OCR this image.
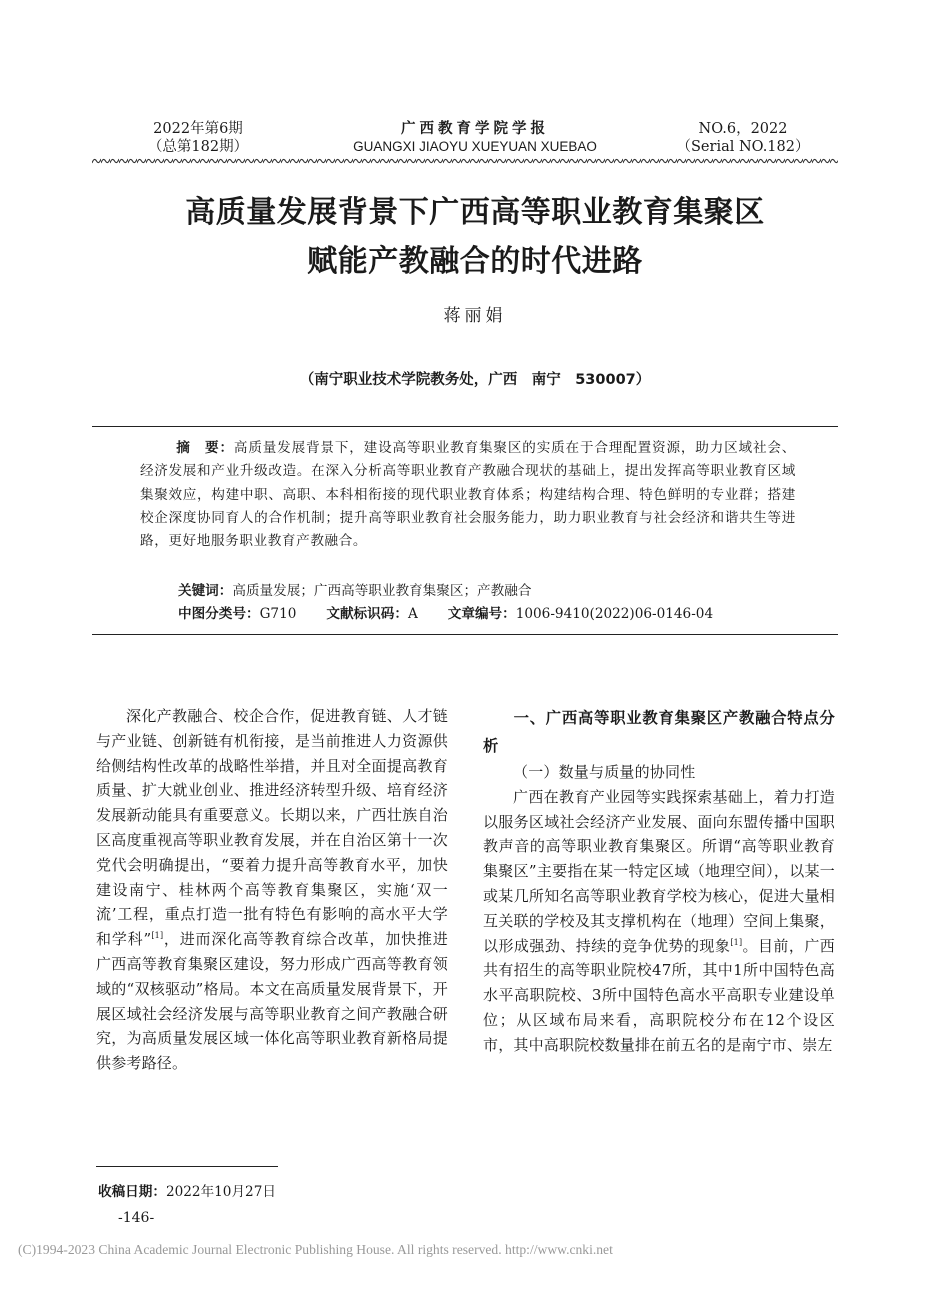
2022年第6期
（总第182期）
广西教育学院学报
GUANGXI JIAOYU XUEYUAN XUEBAO
NO.6，2022
（Serial NO.182）
高质量发展背景下广西高等职业教育集聚区
赋能产教融合的时代进路
蒋丽娟
（南宁职业技术学院教务处，广西　南宁　530007）
摘　要：高质量发展背景下，建设高等职业教育集聚区的实质在于合理配置资源，助力区域社会、经济发展和产业升级改造。在深入分析高等职业教育产教融合现状的基础上，提出发挥高等职业教育区域集聚效应，构建中职、高职、本科相衔接的现代职业教育体系；构建结构合理、特色鲜明的专业群；搭建校企深度协同育人的合作机制；提升高等职业教育社会服务能力，助力职业教育与社会经济和谐共生等进路，更好地服务职业教育产教融合。
关键词：高质量发展；广西高等职业教育集聚区；产教融合
中图分类号：G710 文献标识码：A 文章编号：1006-9410(2022)06-0146-04

深化产教融合、校企合作，促进教育链、人才链与产业链、创新链有机衔接，是当前推进人力资源供给侧结构性改革的战略性举措，并且对全面提高教育质量、扩大就业创业、推进经济转型升级、培育经济发展新动能具有重要意义。长期以来，广西壮族自治区高度重视高等职业教育发展，并在自治区第十一次党代会明确提出，“要着力提升高等教育水平，加快建设南宁、桂林两个高等教育集聚区，实施‘双一流’工程，重点打造一批有特色有影响的高水平大学和学科”[1]，进而深化高等教育综合改革，加快推进广西高等教育集聚区建设，努力形成广西高等教育领域的“双核驱动”格局。本文在高质量发展背景下，开展区域社会经济发展与高等职业教育之间产教融合研究，为高质量发展区域一体化高等职业教育新格局提供参考路径。

一、广西高等职业教育集聚区产教融合特点分析

（一）数量与质量的协同性

广西在教育产业园等实践探索基础上，着力打造以服务区域社会经济产业发展、面向东盟传播中国职教声音的高等职业教育集聚区。所谓“高等职业教育集聚区”主要指在某一特定区域（地理空间），以某一或某几所知名高等职业教育学校为核心，促进大量相互关联的学校及其支撑机构在（地理）空间上集聚，以形成强劲、持续的竞争优势的现象[1]。目前，广西共有招生的高等职业院校47所，其中1所中国特色高水平高职院校、3所中国特色高水平高职专业建设单位；从区域布局来看，高职院校分布在12个设区市，其中高职院校数量排在前五名的是南宁市、崇左

收稿日期：2022年10月27日
-146-
(C)1994-2023 China Academic Journal Electronic Publishing House. All rights reserved. http://www.cnki.net
